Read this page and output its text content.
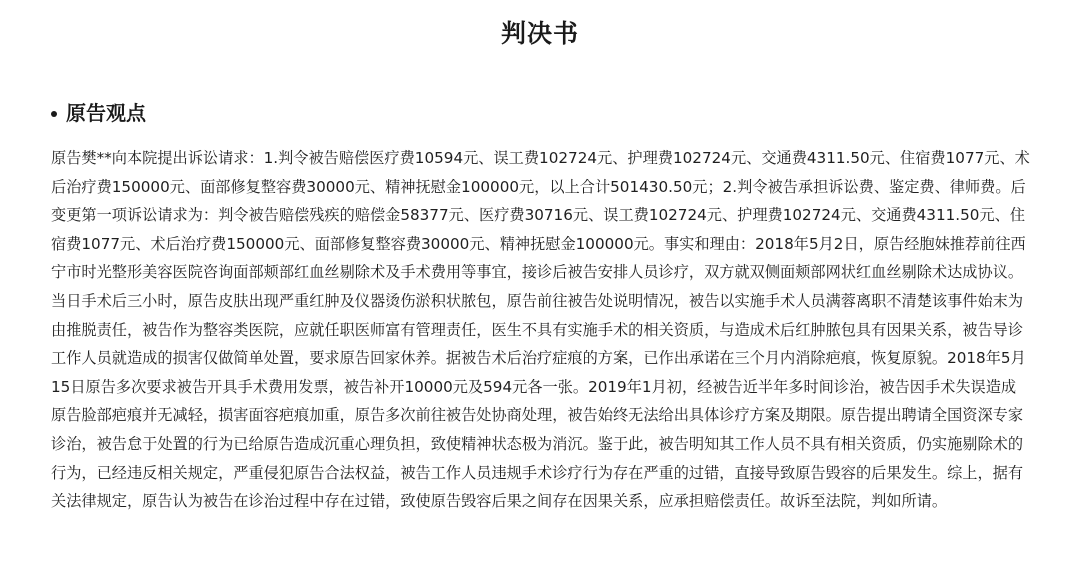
判决书
原告观点

原告樊**向本院提出诉讼请求：1.判令被告赔偿医疗费10594元、误工费102724元、护理费102724元、交通费4311.50元、住宿费1077元、术后治疗费150000元、面部修复整容费30000元、精神抚慰金100000元，以上合计501430.50元；2.判令被告承担诉讼费、鉴定费、律师费。后变更第一项诉讼请求为：判令被告赔偿残疾的赔偿金58377元、医疗费30716元、误工费102724元、护理费102724元、交通费4311.50元、住宿费1077元、术后治疗费150000元、面部修复整容费30000元、精神抚慰金100000元。事实和理由：2018年5月2日，原告经胞妹推荐前往西宁市时光整形美容医院咨询面部颊部红血丝剔除术及手术费用等事宜，接诊后被告安排人员诊疗，双方就双侧面颊部网状红血丝剔除术达成协议。当日手术后三小时，原告皮肤出现严重红肿及仪器烫伤淤积状脓包，原告前往被告处说明情况，被告以实施手术人员满蓉离职不清楚该事件始末为由推脱责任，被告作为整容类医院，应就任职医师富有管理责任，医生不具有实施手术的相关资质，与造成术后红肿脓包具有因果关系，被告导诊工作人员就造成的损害仅做简单处置，要求原告回家休养。据被告术后治疗症痕的方案，已作出承诺在三个月内消除疤痕，恢复原貌。2018年5月15日原告多次要求被告开具手术费用发票，被告补开10000元及594元各一张。2019年1月初，经被告近半年多时间诊治，被告因手术失误造成原告脸部疤痕并无减轻，损害面容疤痕加重，原告多次前往被告处协商处理，被告始终无法给出具体诊疗方案及期限。原告提出聘请全国资深专家诊治，被告怠于处置的行为已给原告造成沉重心理负担，致使精神状态极为消沉。鉴于此，被告明知其工作人员不具有相关资质，仍实施剔除术的行为，已经违反相关规定，严重侵犯原告合法权益，被告工作人员违规手术诊疗行为存在严重的过错，直接导致原告毁容的后果发生。综上，据有关法律规定，原告认为被告在诊治过程中存在过错，致使原告毁容后果之间存在因果关系，应承担赔偿责任。故诉至法院，判如所请。
